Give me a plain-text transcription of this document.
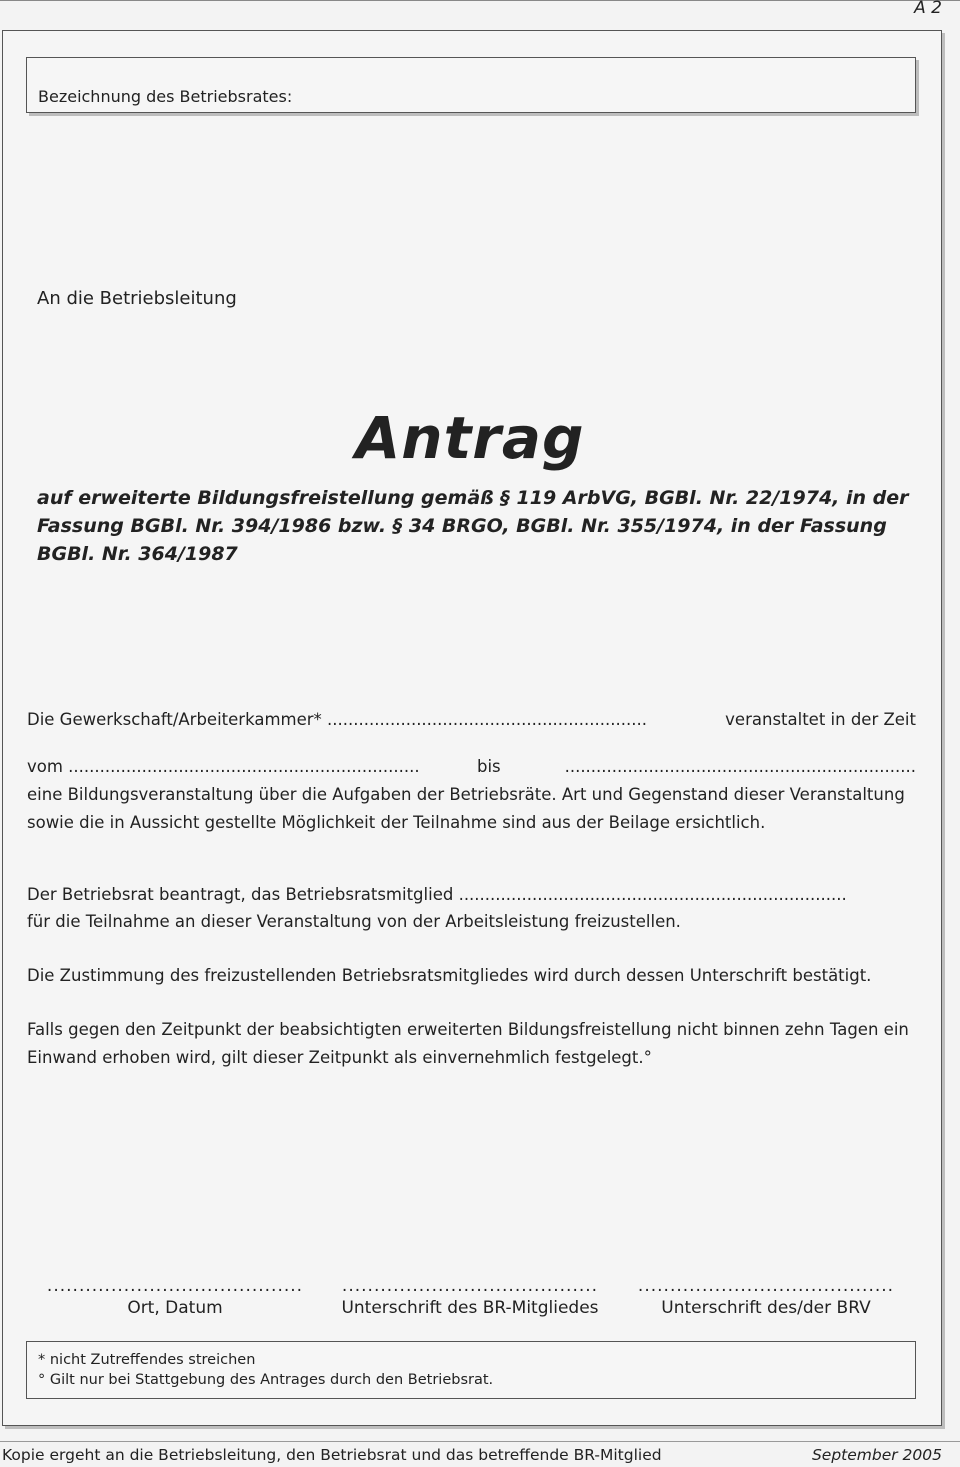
A 2
Bezeichnung des Betriebsrates:
An die Betriebsleitung
Antrag
auf erweiterte Bildungsfreistellung gemäß § 119 ArbVG, BGBl. Nr. 22/1974, in der Fassung BGBl. Nr. 394/1986 bzw. § 34 BRGO, BGBl. Nr. 355/1974, in der Fassung BGBl. Nr. 364/1987
Die Gewerkschaft/Arbeiterkammer* .............................................................	veranstaltet in der Zeit
vom ...................................................................	bis	...................................................................
eine Bildungsveranstaltung über die Aufgaben der Betriebsräte. Art und Gegenstand dieser Veranstaltung sowie die in Aussicht gestellte Möglichkeit der Teilnahme sind aus der Beilage ersichtlich.
Der Betriebsrat beantragt, das Betriebsratsmitglied ..........................................................................
für die Teilnahme an dieser Veranstaltung von der Arbeitsleistung freizustellen.
Die Zustimmung des freizustellenden Betriebsratsmitgliedes wird durch dessen Unterschrift bestätigt.
Falls gegen den Zeitpunkt der beabsichtigten erweiterten Bildungsfreistellung nicht binnen zehn Tagen ein Einwand erhoben wird, gilt dieser Zeitpunkt als einvernehmlich festgelegt.°
........................................
Ort, Datum
........................................
Unterschrift des BR-Mitgliedes
........................................
Unterschrift des/der BRV
* nicht Zutreffendes streichen
° Gilt nur bei Stattgebung des Antrages durch den Betriebsrat.
Kopie ergeht an die Betriebsleitung, den Betriebsrat und das betreffende BR-Mitglied	September 2005
